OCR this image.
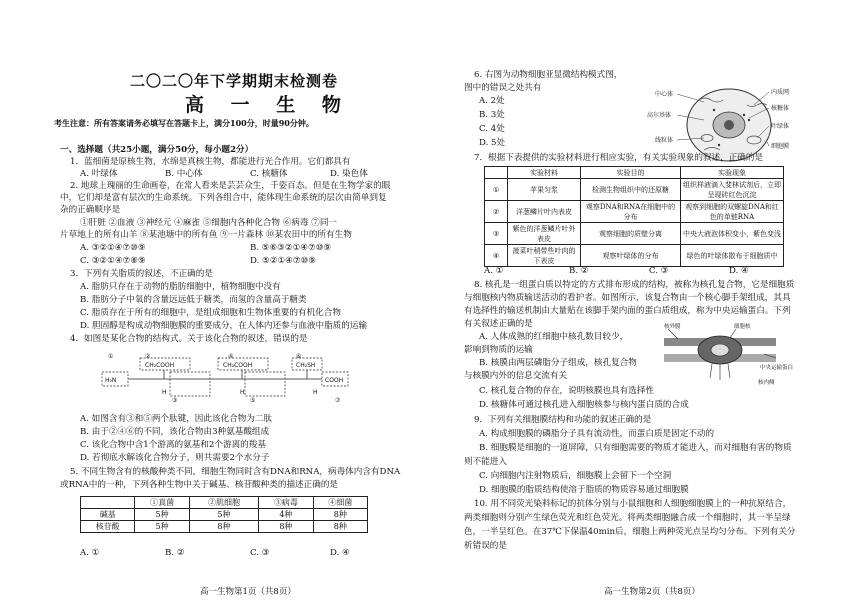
二〇二〇年下学期期末检测卷
高 一 生 物
考生注意：所有答案请务必填写在答题卡上，满分100分，时量90分钟。
一、选择题（共25小题，满分50分，每小题2分）
1．蓝细菌是原核生物，水绵是真核生物，都能进行光合作用。它们都具有
A. 叶绿体	B. 中心体	C. 核糖体	D. 染色体
2. 地球上瑰丽的生命画卷，在常人看来是芸芸众生，千姿百态。但是在生物学家的眼
中，它们却是富有层次的生命系统。下列各组合中，能体现生命系统的层次由简单到复
杂的正确顺序是
①肝脏 ②血液 ③神经元 ④麻雀 ⑤细胞内各种化合物 ⑥病毒 ⑦同一
片草地上的所有山羊 ⑧某池塘中的所有鱼 ⑨一片森林 ⑩某农田中的所有生物
A. ③②①④⑦⑩⑨	B. ⑤⑥③②①④⑦⑩⑨
C. ③②①④⑦⑧⑨	D. ⑤②①④⑦⑩⑨
3．下列有关脂质的叙述，不正确的是
A. 脂肪只存在于动物的脂肪细胞中，植物细胞中没有
B. 脂肪分子中氧的含量远远低于糖类，而氢的含量高于糖类
C. 脂质存在于所有的细胞中，是组成细胞和生物体重要的有机化合物
D. 胆固醇是构成动物细胞膜的重要成分，在人体内还参与血液中脂质的运输
4．如图是某化合物的结构式。关于该化合物的叙述，错误的是
①	②
③
④
⑤
⑥
⑦
H₂N
CH₂COOH	CH₂COOH	CH₂SH
COOH
H	H	H
A. 如图含有③和⑤两个肽键，因此该化合物为二肽
B. 由于②④⑥的不同，该化合物由3种氨基酸组成
C. 该化合物中含1个游离的氨基和2个游离的羧基
D. 若彻底水解该化合物分子，则共需要2个水分子
5. 不同生物含有的核酸种类不同，细胞生物同时含有DNA和RNA，病毒体内含有DNA
或RNA中的一种，下列各种生物中关于碱基、核苷酸种类的描述正确的是
	①真菌	②肌细胞	③病毒	④细菌
碱基	5种	5种	4种	8种
核苷酸	5种	8种	8种	8种
A. ①	B. ②	C. ③	D. ④
高一生物第1页（共8页）
6. 右图为动物细胞亚显微结构模式图，
图中的错误之处共有
A. 2处
B. 3处
C. 4处
D. 5处
中心体
高尔基体
线粒体
内质网
核糖体
叶绿体
细胞膜
7．根据下表提供的实验材料进行相应实验，有关实验现象的叙述，正确的是
	实验材料	实验目的	实验现象
①	苹果匀浆	检测生物组织中的还原糖	组织样液滴入斐林试剂后，立即呈现砖红色沉淀
②	洋葱鳞片叶内表皮	观察DNA和RNA在细胞中的分布	观察到细胞的双螺旋DNA和红色的单链RNA
③	紫色的洋葱鳞片叶外表皮	观察细胞的质壁分离	中央大液泡体积变小，紫色变浅
④	菠菜叶稍带些叶肉的下表皮	观察叶绿体的分布	绿色的叶绿体散布于细胞质中
A. ①	B. ②	C. ③	D. ④
8. 核孔是一组蛋白质以特定的方式排布形成的结构，被称为核孔复合物，它是细胞质
与细胞核内物质输送活动的看护者。如图所示，该复合物由一个核心脚手架组成，其具
有选择性的输送机制由大量贴在该脚手架内面的蛋白质组成，称为中央运输蛋白。下列
有关叙述正确的是
A. 人体成熟的红细胞中核孔数目较少，
影响到物质的运输
B. 核膜由两层磷脂分子组成，核孔复合物
与核膜内外的信息交流有关
C. 核孔复合物的存在，说明核膜也具有选择性
D. 核糖体可通过核孔进入细胞核参与核内蛋白质的合成
核外膜	细胞核
中央运输蛋白
核内侧
9．下列有关细胞膜结构和功能的叙述正确的是
A. 构成细胞膜的磷脂分子具有流动性，而蛋白质是固定不动的
B. 细胞膜是细胞的一道屏障，只有细胞需要的物质才能进入，而对细胞有害的物质
则不能进入
C. 向细胞内注射物质后，细胞膜上会留下一个空洞
D. 细胞膜的脂质结构使溶于脂质的物质容易通过细胞膜
10. 用不同荧光染料标记的抗体分别与小鼠细胞和人细胞细胞膜上的一种抗原结合，
两类细胞则分别产生绿色荧光和红色荧光。将两类细胞融合成一个细胞时，其一半呈绿
色，一半呈红色。在37℃下保温40min后，细胞上两种荧光点呈均匀分布。下列有关分
析错误的是
高一生物第2页（共8页）
